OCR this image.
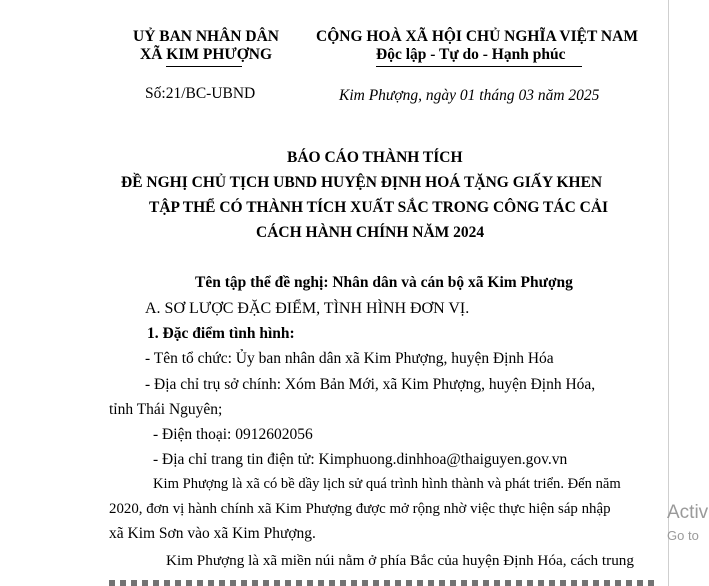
UỶ BAN NHÂN DÂN
XÃ KIM PHƯỢNG
CỘNG HOÀ XÃ HỘI CHỦ NGHĨA VIỆT NAM
Độc lập - Tự do - Hạnh phúc
Số:21/BC-UBND	Kim Phượng, ngày 01 tháng 03 năm 2025
BÁO CÁO THÀNH TÍCH
ĐỀ NGHỊ CHỦ TỊCH UBND HUYỆN ĐỊNH HOÁ TẶNG GIẤY KHEN
TẬP THỂ CÓ THÀNH TÍCH XUẤT SẮC TRONG CÔNG TÁC CẢI
CÁCH HÀNH CHÍNH NĂM 2024
Tên tập thể đề nghị: Nhân dân và cán bộ xã Kim Phượng
A. SƠ LƯỢC ĐẶC ĐIỂM, TÌNH HÌNH ĐƠN VỊ.
1. Đặc điểm tình hình:
- Tên tổ chức: Ủy ban nhân dân xã Kim Phượng, huyện Định Hóa
- Địa chỉ trụ sở chính: Xóm Bản Mới, xã Kim Phượng, huyện Định Hóa,
tỉnh Thái Nguyên;
- Điện thoại: 0912602056
- Địa chỉ trang tin điện tử: Kimphuong.dinhhoa@thaiguyen.gov.vn
Kim Phượng là xã có bề dầy lịch sử quá trình hình thành và phát triển. Đến năm
2020, đơn vị hành chính xã Kim Phượng được mở rộng nhờ việc thực hiện sáp nhập
xã Kim Sơn vào xã Kim Phượng.
Kim Phượng là xã miền núi nằm ở phía Bắc của huyện Định Hóa, cách trung
Activ
Go to
